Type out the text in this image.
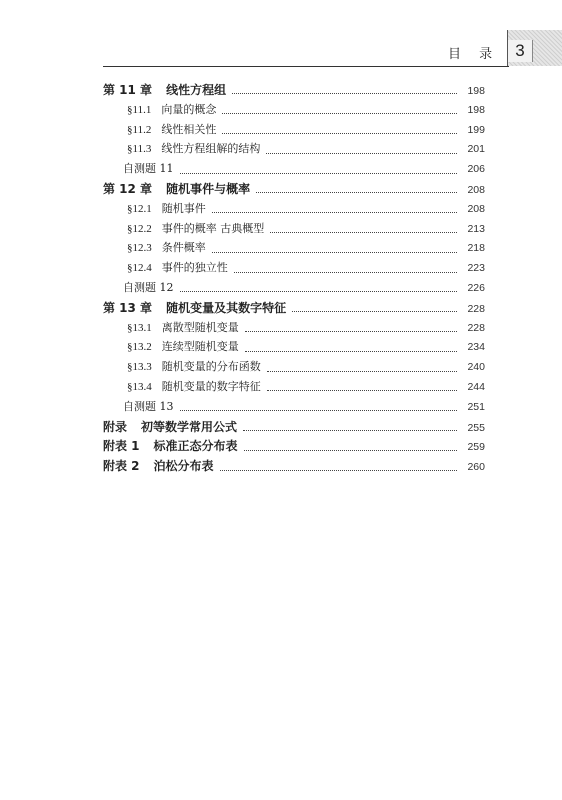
3
目 录
第 11 章 线性方程组	198
§11.1 向量的概念	198
§11.2 线性相关性	199
§11.3 线性方程组解的结构	201
自测题 11	206
第 12 章 随机事件与概率	208
§12.1 随机事件	208
§12.2 事件的概率 古典概型	213
§12.3 条件概率	218
§12.4 事件的独立性	223
自测题 12	226
第 13 章 随机变量及其数字特征	228
§13.1 离散型随机变量	228
§13.2 连续型随机变量	234
§13.3 随机变量的分布函数	240
§13.4 随机变量的数字特征	244
自测题 13	251
附录 初等数学常用公式	255
附表 1 标准正态分布表	259
附表 2 泊松分布表	260
